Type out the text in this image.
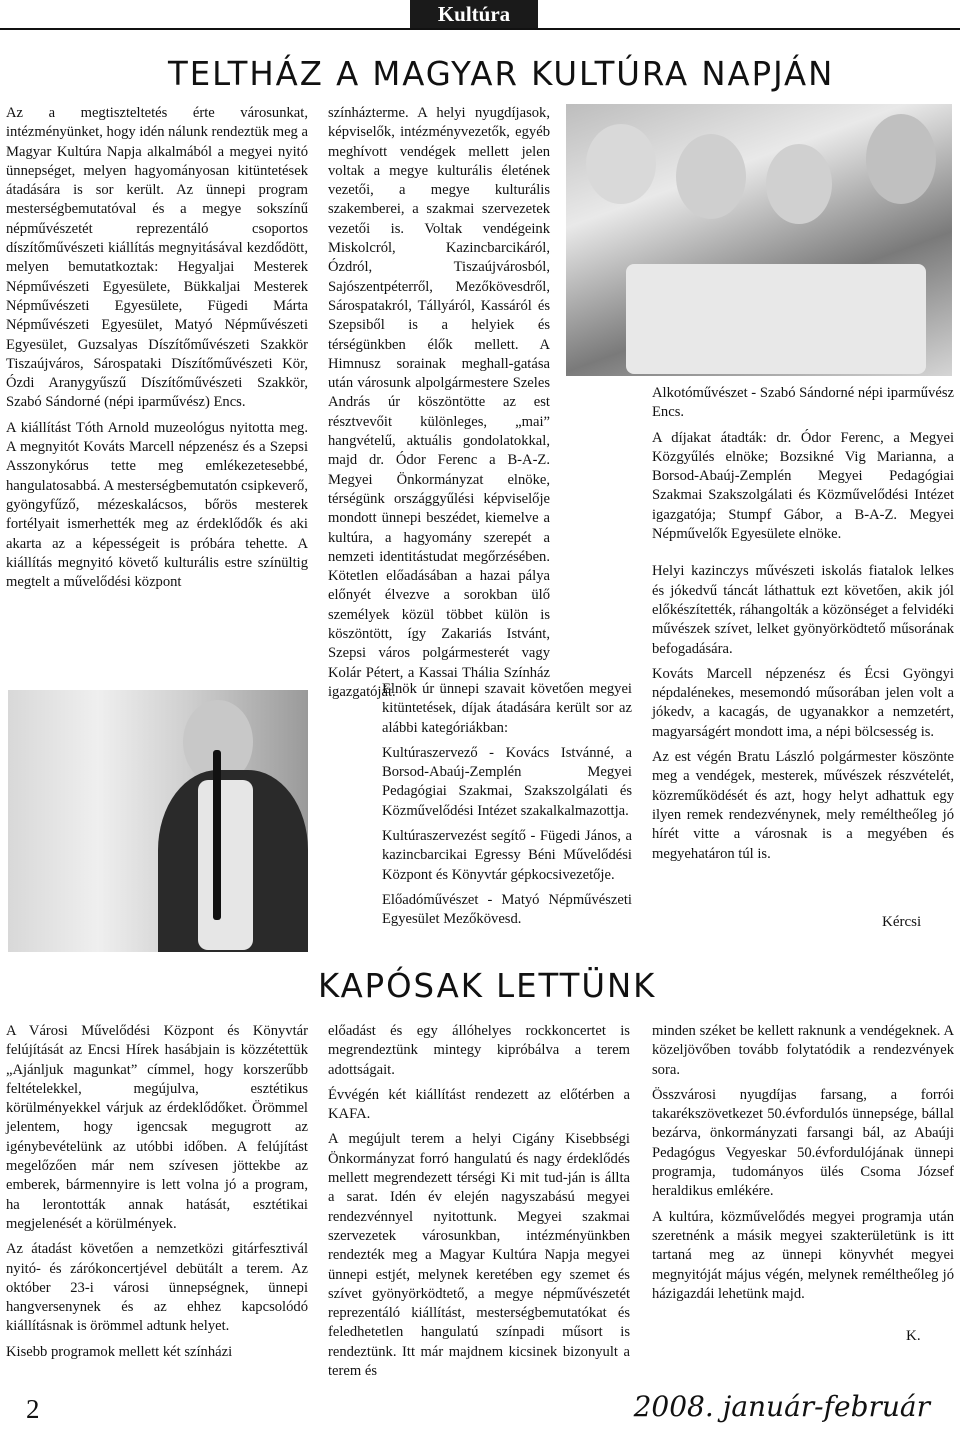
Kultúra
TELTHÁZ A MAGYAR KULTÚRA NAPJÁN

Az a megtiszteltetés érte városunkat, intézményünket, hogy idén nálunk rendeztük meg a Magyar Kultúra Napja alkalmából a megyei nyitó ünnepséget, melyen hagyományosan kitüntetések átadására is sor került. Az ünnepi program mesterségbemutatóval és a megye sokszínű népművészetét reprezentáló csoportos díszítőművészeti kiállítás megnyitásával kezdődött, melyen bemutatkoztak: Hegyaljai Mesterek Népművészeti Egyesülete, Bükkaljai Mesterek Népművészeti Egyesülete, Fügedi Márta Népművészeti Egyesület, Matyó Népművészeti Egyesület, Guzsalyas Díszítőművészeti Szakkör Tiszaújváros, Sárospataki Díszítőművészeti Kör, Ózdi Aranygyűszű Díszítőművészeti Szakkör, Szabó Sándorné (népi iparművész) Encs.

A kiállítást Tóth Arnold muzeológus nyitotta meg. A megnyitót Kováts Marcell népzenész és a Szepsi Asszonykórus tette meg emlékezetesebbé, hangulatosabbá. A mesterségbemutatón csipkeverő, gyöngyfűző, mézeskalácsos, bőrös mesterek fortélyait ismerhették meg az érdeklődők és aki akarta az a képességeit is próbára tehette. A kiállítás megnyitó követő kulturális estre színültig megtelt a művelődési központ

színházterme. A helyi nyugdíjasok, képviselők, intézményvezetők, egyéb meghívott vendégek mellett jelen voltak a megye kulturális életének vezetői, a megye kulturális szakemberei, a szakmai szervezetek vezetői is. Voltak vendégeink Miskolcról, Kazincbarcikáról, Ózdról, Tiszaújvárosból, Sajószentpéterről, Mezőkövesdről, Sárospatakról, Tállyáról, Kassáról és Szepsiből is a helyiek és térségünkben élők mellett. A Himnusz sorainak meghall-gatása után városunk alpolgármestere Szeles András úr köszöntötte az est résztvevőit különleges, „mai” hangvételű, aktuális gondolatokkal, majd dr. Ódor Ferenc a B-A-Z. Megyei Önkormányzat elnöke, térségünk országgyűlési képviselője mondott ünnepi beszédet, kiemelve a kultúra, a hagyomány szerepét a nemzeti identitástudat megőrzésében. Kötetlen előadásában a hazai pálya előnyét élvezve a sorokban ülő személyek közül többet külön is köszöntött, így Zakariás Istvánt, Szepsi város polgármesterét vagy Kolár Pétert, a Kassai Thália Színház igazgatóját.

Elnök úr ünnepi szavait követően megyei kitüntetések, díjak átadására került sor az alábbi kategóriákban:

Kultúraszervező - Kovács Istvánné, a Borsod-Abaúj-Zemplén Megyei Pedagógiai Szakmai, Szakszolgálati és Közművelődési Intézet szakalkalmazottja.

Kultúraszervezést segítő - Fügedi János, a kazincbarcikai Egressy Béni Művelődési Központ és Könyvtár gépkocsivezetője.

Előadóművészet - Matyó Népművészeti Egyesület Mezőkövesd.

Alkotóművészet - Szabó Sándorné népi iparművész Encs.

A díjakat átadták: dr. Ódor Ferenc, a Megyei Közgyűlés elnöke; Bozsikné Vig Marianna, a Borsod-Abaúj-Zemplén Megyei Pedagógiai Szakmai Szakszolgálati és Közművelődési Intézet igazgatója; Stumpf Gábor, a B-A-Z. Megyei Népművelők Egyesülete elnöke.

Helyi kazinczys művészeti iskolás fiatalok lelkes és jókedvű táncát láthattuk ezt követően, akik jól előkészítették, ráhangolták a közönséget a felvidéki művészek szívet, lelket gyönyörködtető műsorának befogadására.

Kováts Marcell népzenész és Écsi Gyöngyi népdalénekes, mesemondó műsorában jelen volt a jókedv, a kacagás, de ugyanakkor a nemzetért, magyarságért mondott ima, a népi bölcsesség is.

Az est végén Bratu László polgármester köszönte meg a vendégek, mesterek, művészek részvételét, közreműködését és azt, hogy helyt adhattuk egy ilyen remek rendezvénynek, mely reméltheőleg jó hírét vitte a városnak is a megyében és megyehatáron túl is.

Kércsi
KAPÓSAK LETTÜNK

A Városi Művelődési Központ és Könyvtár felújítását az Encsi Hírek hasábjain is közzétettük „Ajánljuk magunkat” címmel, hogy korszerűbb feltételekkel, megújulva, esztétikus körülményekkel várjuk az érdeklődőket. Örömmel jelentem, hogy igencsak megugrott az igénybevételünk az utóbbi időben. A felújítást megelőzően már nem szívesen jöttekbe az emberek, bármennyire is lett volna jó a program, ha lerontották annak hatását, esztétikai megjelenését a körülmények.

Az átadást követően a nemzetközi gitárfesztivál nyitó- és zárókoncertjével debütált a terem. Az október 23-i városi ünnepségnek, ünnepi hangversenynek és az ehhez kapcsolódó kiállításnak is örömmel adtunk helyet.

Kisebb programok mellett két színházi

előadást és egy állóhelyes rockkoncertet is megrendeztünk mintegy kipróbálva a terem adottságait.

Évvégén két kiállítást rendezett az előtérben a KAFA.

A megújult terem a helyi Cigány Kisebbségi Önkormányzat forró hangulatú és nagy érdeklődés mellett megrendezett térségi Ki mit tud-ján is állta a sarat. Idén év elején nagyszabású megyei rendezvénnyel nyitottunk. Megyei szakmai szervezetek városunkban, intézményünkben rendezték meg a Magyar Kultúra Napja megyei ünnepi estjét, melynek keretében egy szemet és szívet gyönyörködtető, a megye népművészetét reprezentáló kiállítást, mesterségbemutatókat és feledhetetlen hangulatú színpadi műsort is rendeztünk. Itt már majdnem kicsinek bizonyult a terem és

minden széket be kellett raknunk a vendégeknek. A közeljövőben tovább folytatódik a rendezvények sora.

Összvárosi nyugdíjas farsang, a forrói takarékszövetkezet 50.évfordulós ünnepsége, bállal bezárva, önkormányzati farsangi bál, az Abaúji Pedagógus Vegyeskar 50.évfordulójának ünnepi programja, tudományos ülés Csoma József heraldikus emlékére.

A kultúra, közművelődés megyei programja után szeretnénk a másik megyei szakterületünk is itt tartaná meg az ünnepi könyvhét megyei megnyitóját május végén, melynek reméltheőleg jó házigazdái lehetünk majd.

K.
2	2008. január-február
